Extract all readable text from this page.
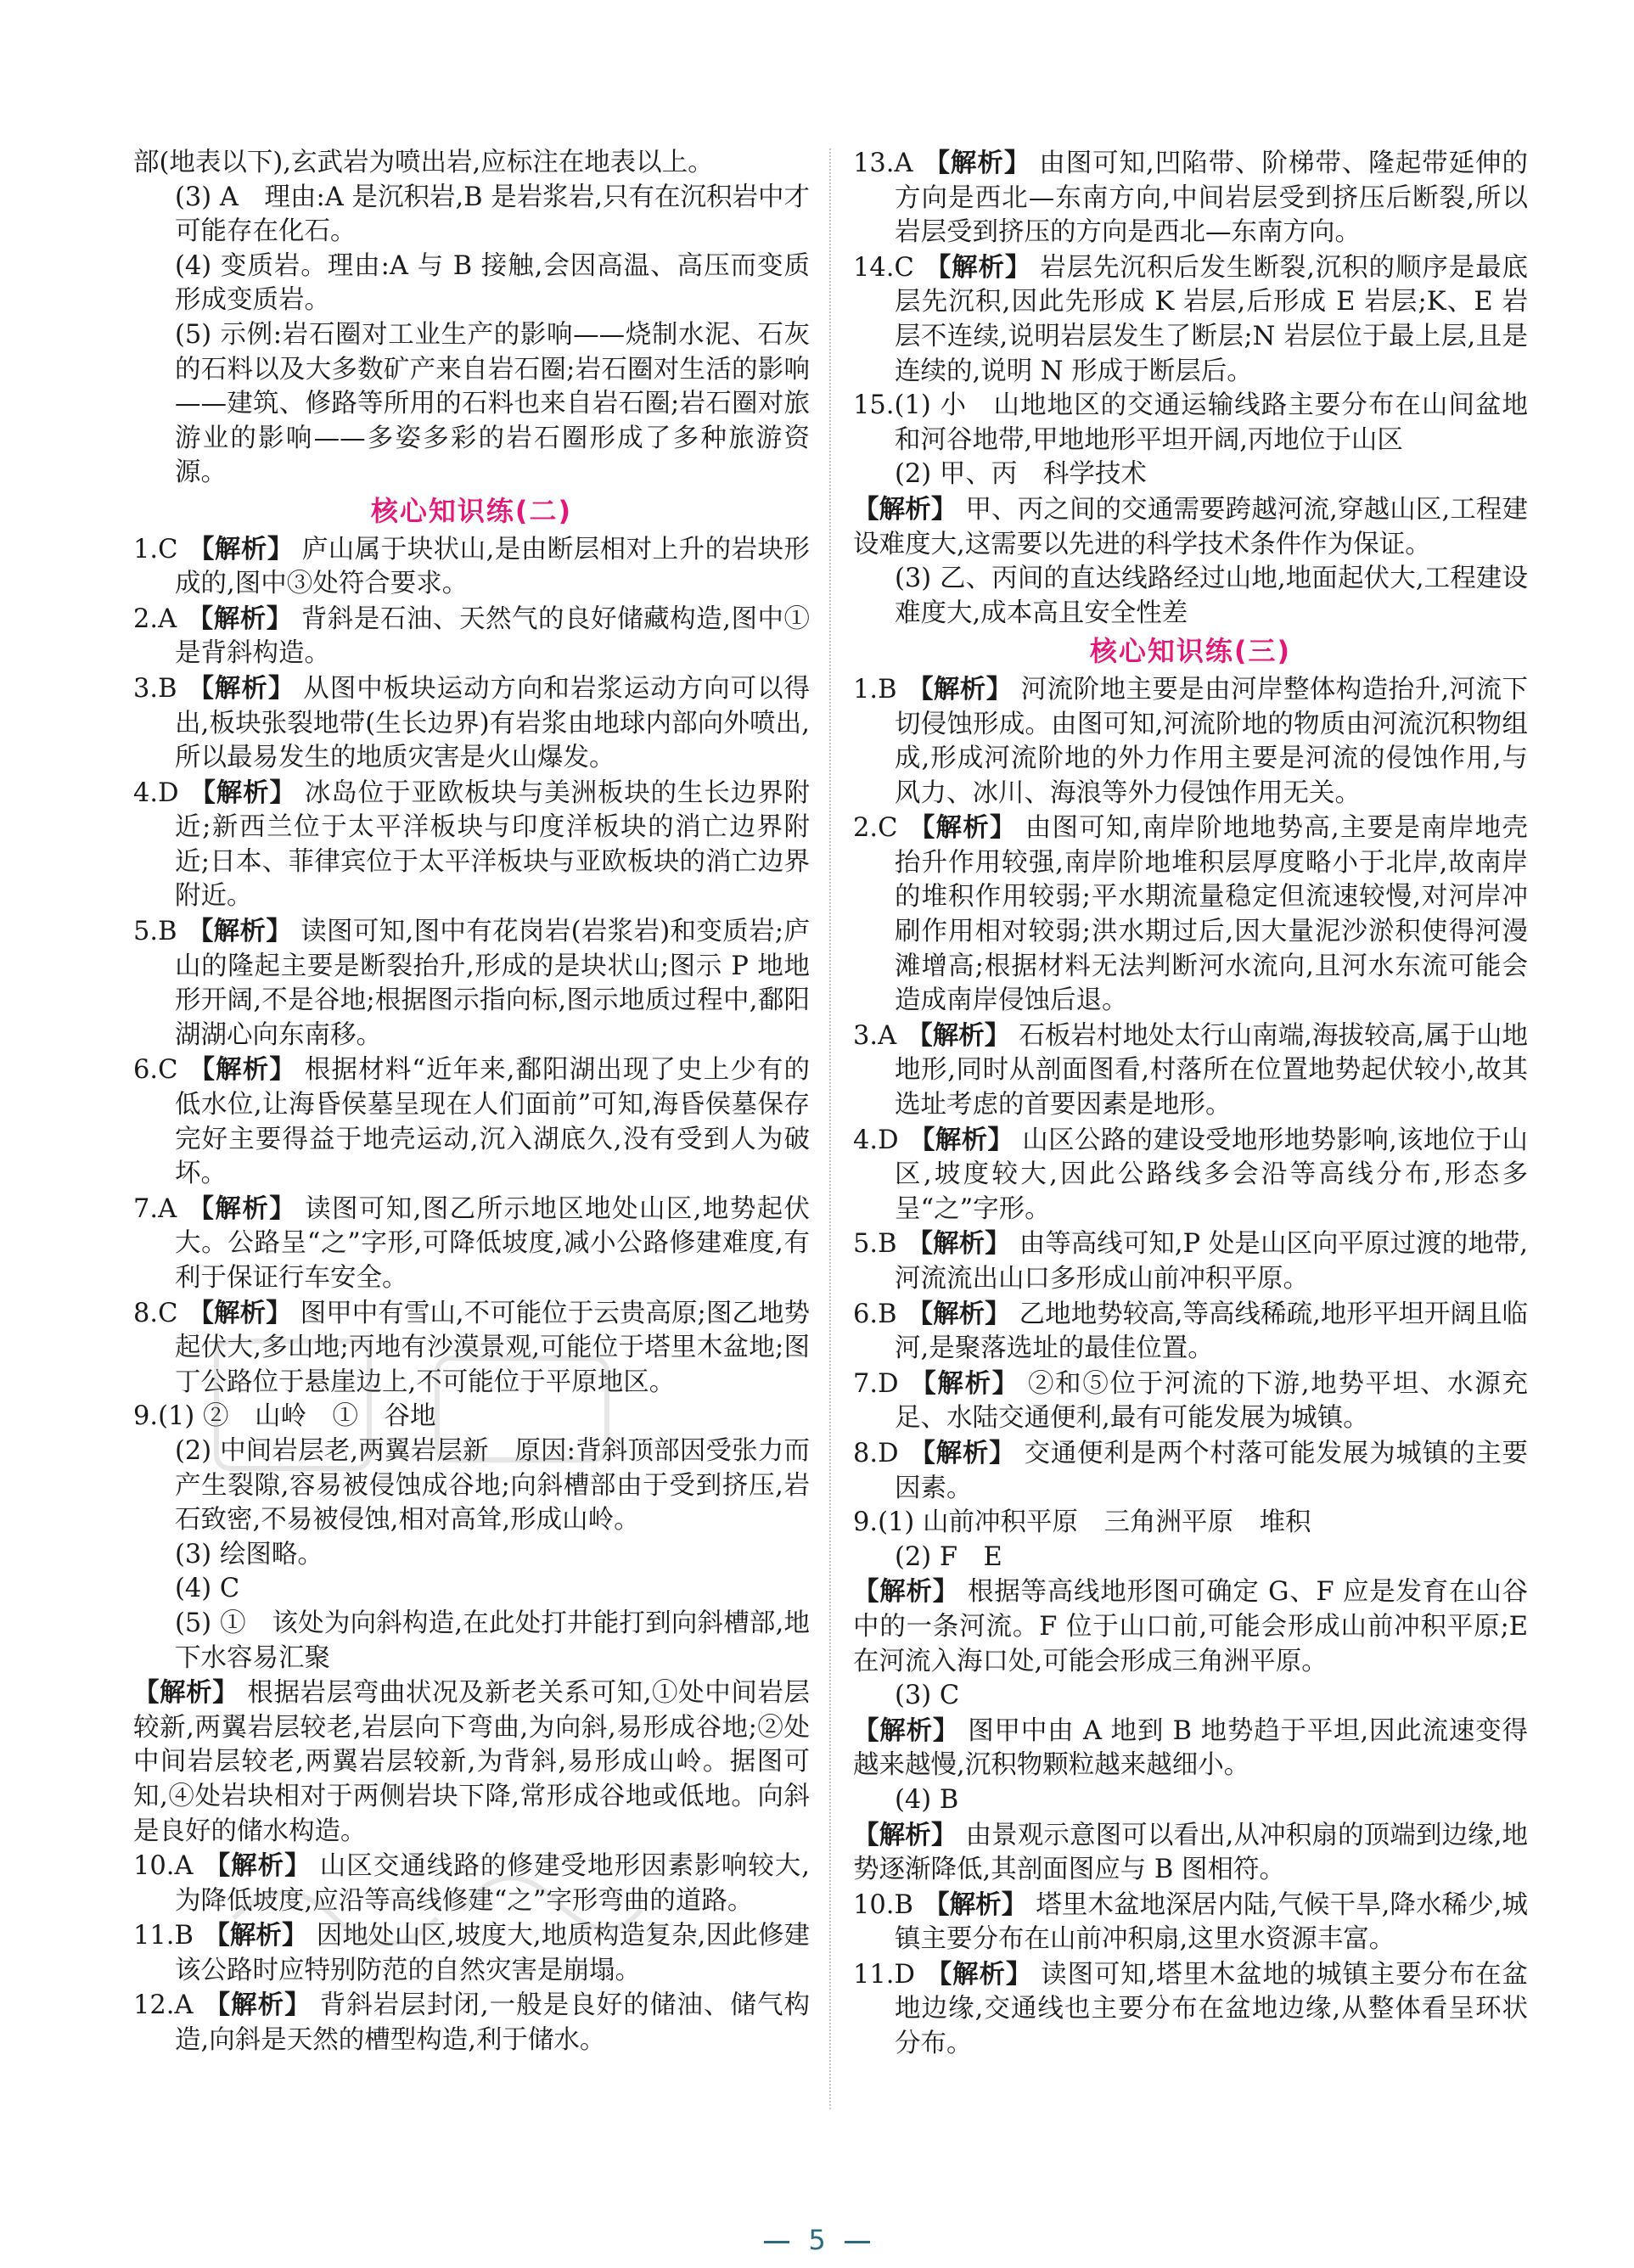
部(地表以下),玄武岩为喷出岩,应标注在地表以上。
(3) A　理由:A 是沉积岩,B 是岩浆岩,只有在沉积岩中才可能存在化石。
(4) 变质岩。理由:A 与 B 接触,会因高温、高压而变质形成变质岩。
(5) 示例:岩石圈对工业生产的影响——烧制水泥、石灰的石料以及大多数矿产来自岩石圈;岩石圈对生活的影响——建筑、修路等所用的石料也来自岩石圈;岩石圈对旅游业的影响——多姿多彩的岩石圈形成了多种旅游资源。
核心知识练(二)
1.C 【解析】 庐山属于块状山,是由断层相对上升的岩块形成的,图中③处符合要求。
2.A 【解析】 背斜是石油、天然气的良好储藏构造,图中①是背斜构造。
3.B 【解析】 从图中板块运动方向和岩浆运动方向可以得出,板块张裂地带(生长边界)有岩浆由地球内部向外喷出,所以最易发生的地质灾害是火山爆发。
4.D 【解析】 冰岛位于亚欧板块与美洲板块的生长边界附近;新西兰位于太平洋板块与印度洋板块的消亡边界附近;日本、菲律宾位于太平洋板块与亚欧板块的消亡边界附近。
5.B 【解析】 读图可知,图中有花岗岩(岩浆岩)和变质岩;庐山的隆起主要是断裂抬升,形成的是块状山;图示 P 地地形开阔,不是谷地;根据图示指向标,图示地质过程中,鄱阳湖湖心向东南移。
6.C 【解析】 根据材料“近年来,鄱阳湖出现了史上少有的低水位,让海昏侯墓呈现在人们面前”可知,海昏侯墓保存完好主要得益于地壳运动,沉入湖底久,没有受到人为破坏。
7.A 【解析】 读图可知,图乙所示地区地处山区,地势起伏大。公路呈“之”字形,可降低坡度,减小公路修建难度,有利于保证行车安全。
8.C 【解析】 图甲中有雪山,不可能位于云贵高原;图乙地势起伏大,多山地;丙地有沙漠景观,可能位于塔里木盆地;图丁公路位于悬崖边上,不可能位于平原地区。
9.(1) ②　山岭　①　谷地
(2) 中间岩层老,两翼岩层新　原因:背斜顶部因受张力而产生裂隙,容易被侵蚀成谷地;向斜槽部由于受到挤压,岩石致密,不易被侵蚀,相对高耸,形成山岭。
(3) 绘图略。
(4) C
(5) ①　该处为向斜构造,在此处打井能打到向斜槽部,地下水容易汇聚
【解析】 根据岩层弯曲状况及新老关系可知,①处中间岩层较新,两翼岩层较老,岩层向下弯曲,为向斜,易形成谷地;②处中间岩层较老,两翼岩层较新,为背斜,易形成山岭。据图可知,④处岩块相对于两侧岩块下降,常形成谷地或低地。向斜是良好的储水构造。
10.A 【解析】 山区交通线路的修建受地形因素影响较大,为降低坡度,应沿等高线修建“之”字形弯曲的道路。
11.B 【解析】 因地处山区,坡度大,地质构造复杂,因此修建该公路时应特别防范的自然灾害是崩塌。
12.A 【解析】 背斜岩层封闭,一般是良好的储油、储气构造,向斜是天然的槽型构造,利于储水。
13.A 【解析】 由图可知,凹陷带、阶梯带、隆起带延伸的方向是西北—东南方向,中间岩层受到挤压后断裂,所以岩层受到挤压的方向是西北—东南方向。
14.C 【解析】 岩层先沉积后发生断裂,沉积的顺序是最底层先沉积,因此先形成 K 岩层,后形成 E 岩层;K、E 岩层不连续,说明岩层发生了断层;N 岩层位于最上层,且是连续的,说明 N 形成于断层后。
15.(1) 小　山地地区的交通运输线路主要分布在山间盆地和河谷地带,甲地地形平坦开阔,丙地位于山区
(2) 甲、丙　科学技术
【解析】 甲、丙之间的交通需要跨越河流,穿越山区,工程建设难度大,这需要以先进的科学技术条件作为保证。
(3) 乙、丙间的直达线路经过山地,地面起伏大,工程建设难度大,成本高且安全性差
核心知识练(三)
1.B 【解析】 河流阶地主要是由河岸整体构造抬升,河流下切侵蚀形成。由图可知,河流阶地的物质由河流沉积物组成,形成河流阶地的外力作用主要是河流的侵蚀作用,与风力、冰川、海浪等外力侵蚀作用无关。
2.C 【解析】 由图可知,南岸阶地地势高,主要是南岸地壳抬升作用较强,南岸阶地堆积层厚度略小于北岸,故南岸的堆积作用较弱;平水期流量稳定但流速较慢,对河岸冲刷作用相对较弱;洪水期过后,因大量泥沙淤积使得河漫滩增高;根据材料无法判断河水流向,且河水东流可能会造成南岸侵蚀后退。
3.A 【解析】 石板岩村地处太行山南端,海拔较高,属于山地地形,同时从剖面图看,村落所在位置地势起伏较小,故其选址考虑的首要因素是地形。
4.D 【解析】 山区公路的建设受地形地势影响,该地位于山区,坡度较大,因此公路线多会沿等高线分布,形态多呈“之”字形。
5.B 【解析】 由等高线可知,P 处是山区向平原过渡的地带,河流流出山口多形成山前冲积平原。
6.B 【解析】 乙地地势较高,等高线稀疏,地形平坦开阔且临河,是聚落选址的最佳位置。
7.D 【解析】 ②和⑤位于河流的下游,地势平坦、水源充足、水陆交通便利,最有可能发展为城镇。
8.D 【解析】 交通便利是两个村落可能发展为城镇的主要因素。
9.(1) 山前冲积平原　三角洲平原　堆积
(2) F　E
【解析】 根据等高线地形图可确定 G、F 应是发育在山谷中的一条河流。F 位于山口前,可能会形成山前冲积平原;E 在河流入海口处,可能会形成三角洲平原。
(3) C
【解析】 图甲中由 A 地到 B 地势趋于平坦,因此流速变得越来越慢,沉积物颗粒越来越细小。
(4) B
【解析】 由景观示意图可以看出,从冲积扇的顶端到边缘,地势逐渐降低,其剖面图应与 B 图相符。
10.B 【解析】 塔里木盆地深居内陆,气候干旱,降水稀少,城镇主要分布在山前冲积扇,这里水资源丰富。
11.D 【解析】 读图可知,塔里木盆地的城镇主要分布在盆地边缘,交通线也主要分布在盆地边缘,从整体看呈环状分布。
5
